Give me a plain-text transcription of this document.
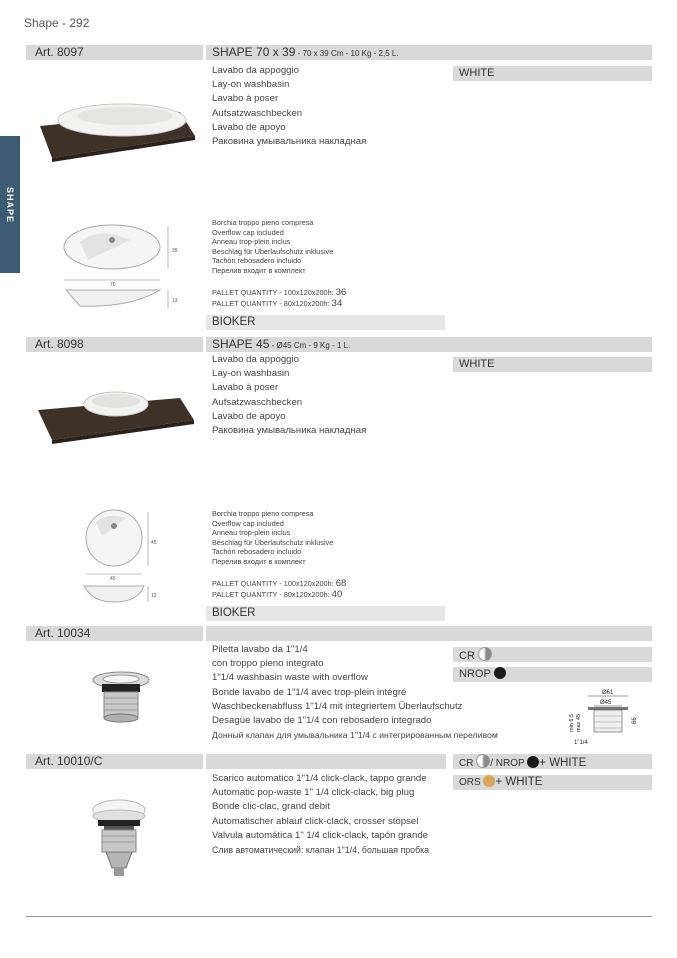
Shape - 292
SHAPE
Art. 8097	SHAPE 70 x 39 - 70 x 39 Cm - 10 Kg - 2,5 L.
Lavabo da appoggio
Lay-on washbasin
Lavabo à poser
Aufsatzwaschbecken
Lavabo de apoyo
Раковина умывальника накладная
WHITE
39
70
13
Borchia troppo pieno compresa
Overflow cap included
Anneau trop-plein inclus
Beschlag für Überlaufschutz inklusive
Tachón rebosadero incluido
Перелив входит в комплект
PALLET QUANTITY - 100x120x200h: 36
PALLET QUANTITY - 80x120x200h: 34
BIOKER
Art. 8098	SHAPE 45 - Ø45 Cm - 9 Kg - 1 L.
Lavabo da appoggio
Lay-on washbasin
Lavabo à poser
Aufsatzwaschbecken
Lavabo de apoyo
Раковина умывальника накладная
WHITE
45
45
12
Borchia troppo pieno compresa
Overflow cap included
Anneau trop-plein inclus
Beschlag für Überlaufschutz inklusive
Tachón rebosadero incluido
Перелив входит в комплект
PALLET QUANTITY - 100x120x200h: 68
PALLET QUANTITY - 80x120x200h: 40
BIOKER
Art. 10034
Piletta lavabo da 1"1/4
con troppo pieno integrato
1"1/4 washbasin waste with overflow
Bonde lavabo de 1"1/4 avec trop-plein intégré
Waschbeckenabfluss 1"1/4 mit integriertem Überlaufschutz
Desagüe lavabo de 1"1/4 con rebosadero integrado
Донный клапан для умывальника 1"1/4 с интегрированным переливом
CR
NROP
Ø61
Ø45
min 6.5 max 45	66
1"1/4
Art. 10010/C	CR / NROP + WHITE
ORS + WHITE
Scarico automatico 1"1/4 click-clack, tappo grande
Automatic pop-waste 1" 1/4 click-clack, big plug
Bonde clic-clac, grand debit
Automatischer ablauf click-clack, crosser stöpsel
Valvula automática 1" 1/4 click-clack, tapón grande
Слив автоматический: клапан 1"1/4, большая пробка
